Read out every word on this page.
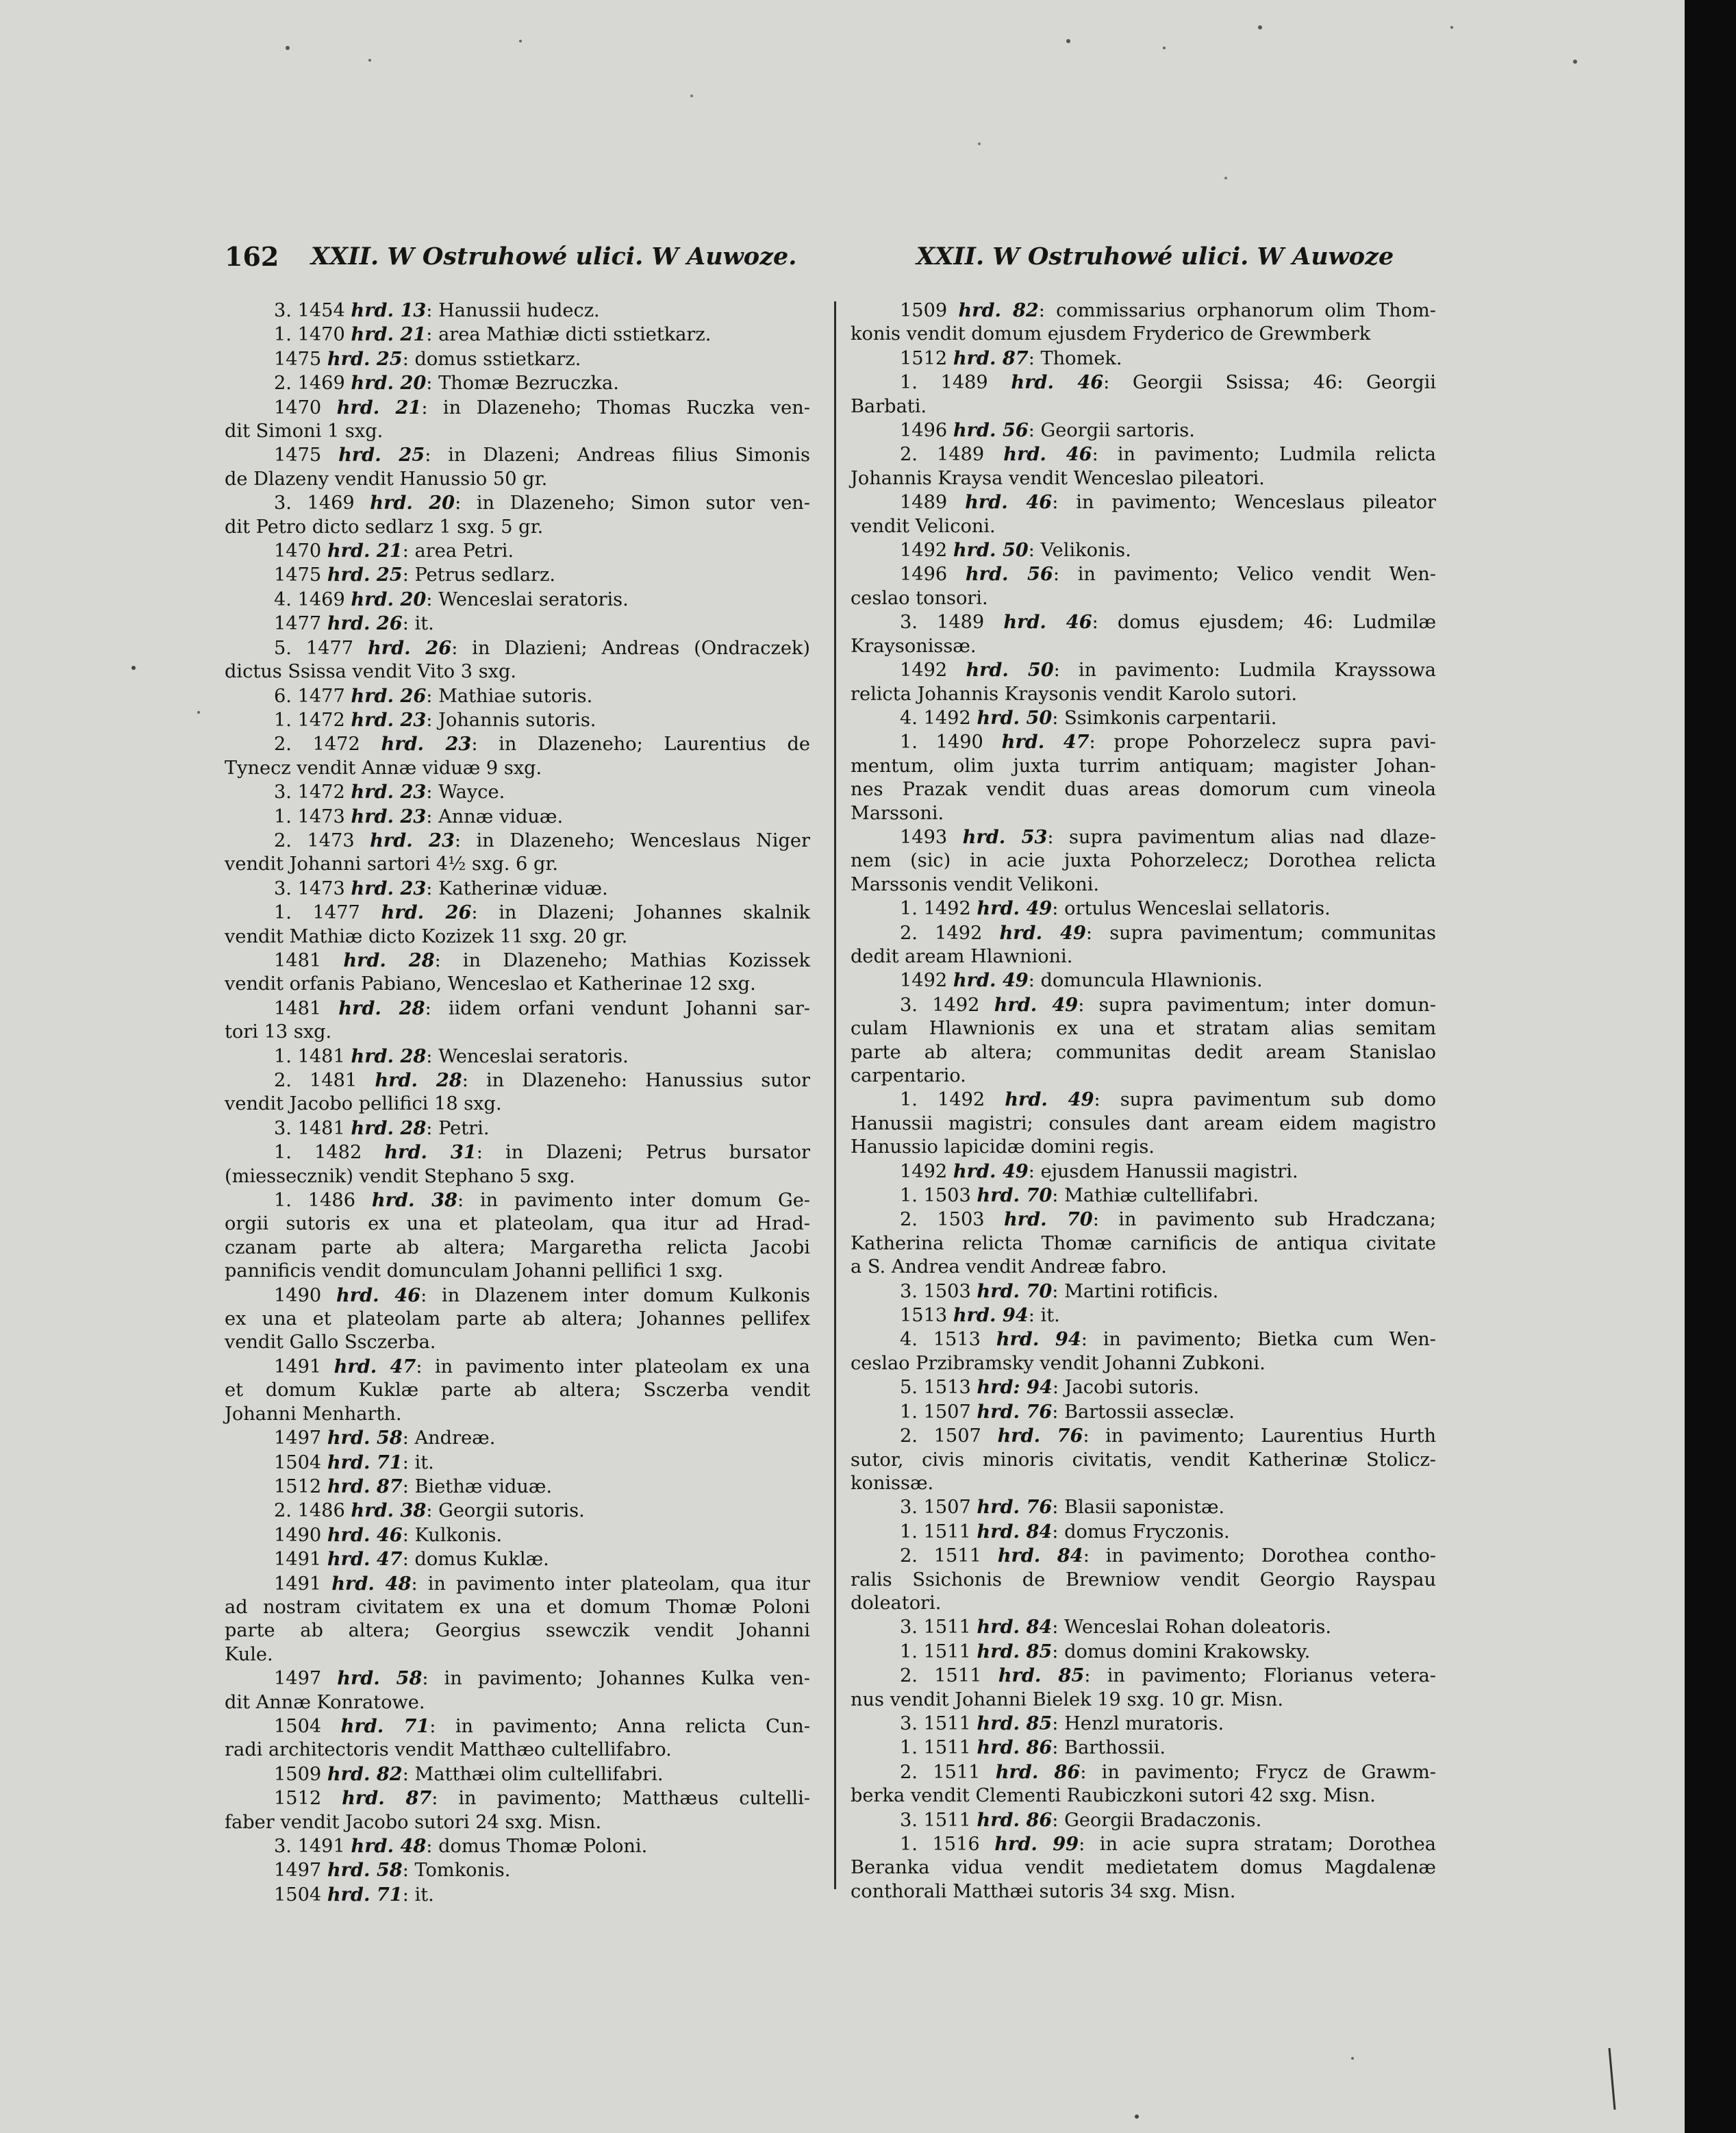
162 XXII. W Ostruhowé ulici. W Auwoze.	XXII. W Ostruhowé ulici. W Auwoze
3. 1454 hrd. 13: Hanussii hudecz.
1. 1470 hrd. 21: area Mathiæ dicti sstietkarz.
1475 hrd. 25: domus sstietkarz.
2. 1469 hrd. 20: Thomæ Bezruczka.
1470 hrd. 21: in Dlazeneho; Thomas Ruczka ven-
dit Simoni 1 sxg.
1475 hrd. 25: in Dlazeni; Andreas filius Simonis
de Dlazeny vendit Hanussio 50 gr.
3. 1469 hrd. 20: in Dlazeneho; Simon sutor ven-
dit Petro dicto sedlarz 1 sxg. 5 gr.
1470 hrd. 21: area Petri.
1475 hrd. 25: Petrus sedlarz.
4. 1469 hrd. 20: Wenceslai seratoris.
1477 hrd. 26: it.
5. 1477 hrd. 26: in Dlazieni; Andreas (Ondraczek)
dictus Ssissa vendit Vito 3 sxg.
6. 1477 hrd. 26: Mathiae sutoris.
1. 1472 hrd. 23: Johannis sutoris.
2. 1472 hrd. 23: in Dlazeneho; Laurentius de
Tynecz vendit Annæ viduæ 9 sxg.
3. 1472 hrd. 23: Wayce.
1. 1473 hrd. 23: Annæ viduæ.
2. 1473 hrd. 23: in Dlazeneho; Wenceslaus Niger
vendit Johanni sartori 4½ sxg. 6 gr.
3. 1473 hrd. 23: Katherinæ viduæ.
1. 1477 hrd. 26: in Dlazeni; Johannes skalnik
vendit Mathiæ dicto Kozizek 11 sxg. 20 gr.
1481 hrd. 28: in Dlazeneho; Mathias Kozissek
vendit orfanis Pabiano, Wenceslao et Katherinae 12 sxg.
1481 hrd. 28: iidem orfani vendunt Johanni sar-
tori 13 sxg.
1. 1481 hrd. 28: Wenceslai seratoris.
2. 1481 hrd. 28: in Dlazeneho: Hanussius sutor
vendit Jacobo pellifici 18 sxg.
3. 1481 hrd. 28: Petri.
1. 1482 hrd. 31: in Dlazeni; Petrus bursator
(miessecznik) vendit Stephano 5 sxg.
1. 1486 hrd. 38: in pavimento inter domum Ge-
orgii sutoris ex una et plateolam, qua itur ad Hrad-
czanam parte ab altera; Margaretha relicta Jacobi
pannificis vendit domunculam Johanni pellifici 1 sxg.
1490 hrd. 46: in Dlazenem inter domum Kulkonis
ex una et plateolam parte ab altera; Johannes pellifex
vendit Gallo Ssczerba.
1491 hrd. 47: in pavimento inter plateolam ex una
et domum Kuklæ parte ab altera; Ssczerba vendit
Johanni Menharth.
1497 hrd. 58: Andreæ.
1504 hrd. 71: it.
1512 hrd. 87: Biethæ viduæ.
2. 1486 hrd. 38: Georgii sutoris.
1490 hrd. 46: Kulkonis.
1491 hrd. 47: domus Kuklæ.
1491 hrd. 48: in pavimento inter plateolam, qua itur
ad nostram civitatem ex una et domum Thomæ Poloni
parte ab altera; Georgius ssewczik vendit Johanni
Kule.
1497 hrd. 58: in pavimento; Johannes Kulka ven-
dit Annæ Konratowe.
1504 hrd. 71: in pavimento; Anna relicta Cun-
radi architectoris vendit Matthæo cultellifabro.
1509 hrd. 82: Matthæi olim cultellifabri.
1512 hrd. 87: in pavimento; Matthæus cultelli-
faber vendit Jacobo sutori 24 sxg. Misn.
3. 1491 hrd. 48: domus Thomæ Poloni.
1497 hrd. 58: Tomkonis.
1504 hrd. 71: it.
1509 hrd. 82: commissarius orphanorum olim Thom-
konis vendit domum ejusdem Fryderico de Grewmberk
1512 hrd. 87: Thomek.
1. 1489 hrd. 46: Georgii Ssissa; 46: Georgii
Barbati.
1496 hrd. 56: Georgii sartoris.
2. 1489 hrd. 46: in pavimento; Ludmila relicta
Johannis Kraysa vendit Wenceslao pileatori.
1489 hrd. 46: in pavimento; Wenceslaus pileator
vendit Veliconi.
1492 hrd. 50: Velikonis.
1496 hrd. 56: in pavimento; Velico vendit Wen-
ceslao tonsori.
3. 1489 hrd. 46: domus ejusdem; 46: Ludmilæ
Kraysonissæ.
1492 hrd. 50: in pavimento: Ludmila Krayssowa
relicta Johannis Kraysonis vendit Karolo sutori.
4. 1492 hrd. 50: Ssimkonis carpentarii.
1. 1490 hrd. 47: prope Pohorzelecz supra pavi-
mentum, olim juxta turrim antiquam; magister Johan-
nes Prazak vendit duas areas domorum cum vineola
Marssoni.
1493 hrd. 53: supra pavimentum alias nad dlaze-
nem (sic) in acie juxta Pohorzelecz; Dorothea relicta
Marssonis vendit Velikoni.
1. 1492 hrd. 49: ortulus Wenceslai sellatoris.
2. 1492 hrd. 49: supra pavimentum; communitas
dedit aream Hlawnioni.
1492 hrd. 49: domuncula Hlawnionis.
3. 1492 hrd. 49: supra pavimentum; inter domun-
culam Hlawnionis ex una et stratam alias semitam
parte ab altera; communitas dedit aream Stanislao
carpentario.
1. 1492 hrd. 49: supra pavimentum sub domo
Hanussii magistri; consules dant aream eidem magistro
Hanussio lapicidæ domini regis.
1492 hrd. 49: ejusdem Hanussii magistri.
1. 1503 hrd. 70: Mathiæ cultellifabri.
2. 1503 hrd. 70: in pavimento sub Hradczana;
Katherina relicta Thomæ carnificis de antiqua civitate
a S. Andrea vendit Andreæ fabro.
3. 1503 hrd. 70: Martini rotificis.
1513 hrd. 94: it.
4. 1513 hrd. 94: in pavimento; Bietka cum Wen-
ceslao Przibramsky vendit Johanni Zubkoni.
5. 1513 hrd: 94: Jacobi sutoris.
1. 1507 hrd. 76: Bartossii asseclæ.
2. 1507 hrd. 76: in pavimento; Laurentius Hurth
sutor, civis minoris civitatis, vendit Katherinæ Stolicz-
konissæ.
3. 1507 hrd. 76: Blasii saponistæ.
1. 1511 hrd. 84: domus Fryczonis.
2. 1511 hrd. 84: in pavimento; Dorothea contho-
ralis Ssichonis de Brewniow vendit Georgio Rayspau
doleatori.
3. 1511 hrd. 84: Wenceslai Rohan doleatoris.
1. 1511 hrd. 85: domus domini Krakowsky.
2. 1511 hrd. 85: in pavimento; Florianus vetera-
nus vendit Johanni Bielek 19 sxg. 10 gr. Misn.
3. 1511 hrd. 85: Henzl muratoris.
1. 1511 hrd. 86: Barthossii.
2. 1511 hrd. 86: in pavimento; Frycz de Grawm-
berka vendit Clementi Raubiczkoni sutori 42 sxg. Misn.
3. 1511 hrd. 86: Georgii Bradaczonis.
1. 1516 hrd. 99: in acie supra stratam; Dorothea
Beranka vidua vendit medietatem domus Magdalenæ
conthorali Matthæi sutoris 34 sxg. Misn.
